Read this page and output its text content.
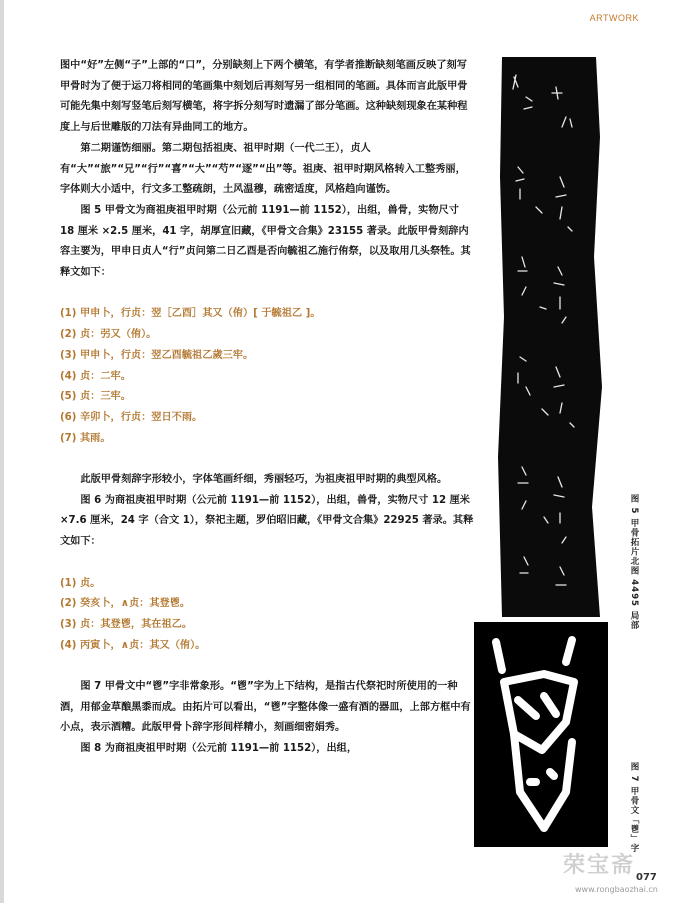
ARTWORK

图中“好”左侧“子”上部的“口”，分别缺刻上下两个横笔，有学者推断缺刻笔画反映了刻写甲骨时为了便于运刀将相同的笔画集中刻划后再刻写另一组相同的笔画。具体而言此版甲骨可能先集中刻写竖笔后刻写横笔，将字拆分刻写时遗漏了部分笔画。这种缺刻现象在某种程度上与后世雕版的刀法有异曲同工的地方。

第二期谨饬细丽。第二期包括祖庚、祖甲时期（一代二王），贞人有“大”“旅”“兄”“行”“喜”“大”“芍”“逐”“出”等。祖庚、祖甲时期风格转入工整秀丽，字体则大小适中，行文多工整疏朗，土风温穆，疏密适度，风格趋向谨饬。

图 5 甲骨文为商祖庚祖甲时期（公元前 1191—前 1152），出组，兽骨，实物尺寸 18 厘米 ×2.5 厘米，41 字，胡厚宣旧藏，《甲骨文合集》23155 著录。此版甲骨刻辞内容主要为，甲申日贞人“行”贞问第二日乙酉是否向毓祖乙施行侑祭，以及取用几头祭牲。其释文如下：

(1) 甲申卜，行贞：翌［乙酉］其又（侑）[ 于毓祖乙 ]。

(2) 贞：弜又（侑）。

(3) 甲申卜，行贞：翌乙酉毓祖乙歲三牢。

(4) 贞：二牢。

(5) 贞：三牢。

(6) 辛卯卜，行贞：翌日不雨。

(7) 其雨。

此版甲骨刻辞字形较小，字体笔画纤细，秀丽轻巧，为祖庚祖甲时期的典型风格。

图 6 为商祖庚祖甲时期（公元前 1191—前 1152），出组，兽骨，实物尺寸 12 厘米 ×7.6 厘米，24 字（合文 1），祭祀主题，罗伯昭旧藏，《甲骨文合集》22925 著录。其释文如下：

(1) 贞。

(2) 癸亥卜，∧贞：其登鬯。

(3) 贞：其登鬯，其在祖乙。

(4) 丙寅卜，∧贞：其又（侑）。

图 7 甲骨文中“鬯”字非常象形。“鬯”字为上下结构，是指古代祭祀时所使用的一种酒，用郁金草酿黑黍而成。由拓片可以看出，“鬯”字整体像一盛有酒的器皿，上部方框中有小点，表示酒糟。此版甲骨卜辞字形间样精小，刻画细密娟秀。

图 8 为商祖庚祖甲时期（公元前 1191—前 1152），出组，

图 5 甲骨拓片北图 4495 局部
图 7 甲骨文「鬯」字
荣宝斋
www.rongbaozhai.cn
077
